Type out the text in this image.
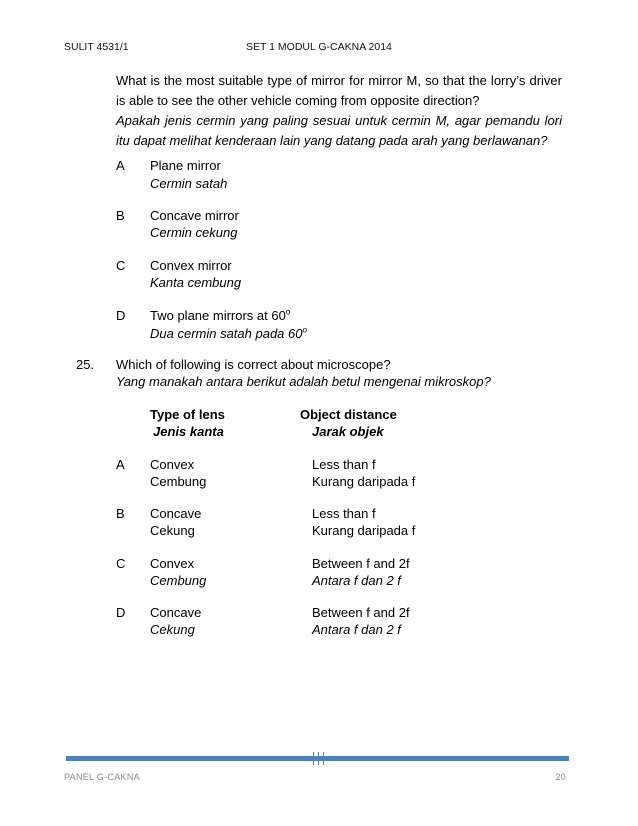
SULIT 4531/1	SET 1 MODUL G-CAKNA 2014
What is the most suitable type of mirror for mirror M, so that the lorry’s driver is able to see the other vehicle coming from opposite direction?
Apakah jenis cermin yang paling sesuai untuk cermin M, agar pemandu lori itu dapat melihat kenderaan lain yang datang pada arah yang berlawanan?
A Plane mirror
Cermin satah
B Concave mirror
Cermin cekung
C Convex mirror
Kanta cembung
D Two plane mirrors at 60$^o$
Dua cermin satah pada 60$^o$
25. Which of following is correct about microscope?
Yang manakah antara berikut adalah betul mengenai mikroskop?
Type of lens
Jenis kanta
Object distance
Jarak objek
A Convex
Cembung
Less than f
Kurang daripada f
B Concave
Cekung
Less than f
Kurang daripada f
C Convex
Cembung
Between f and 2f
Antara f dan 2 f
D Concave
Cekung
Between f and 2f
Antara f dan 2 f
PANEL G-CAKNA	20
